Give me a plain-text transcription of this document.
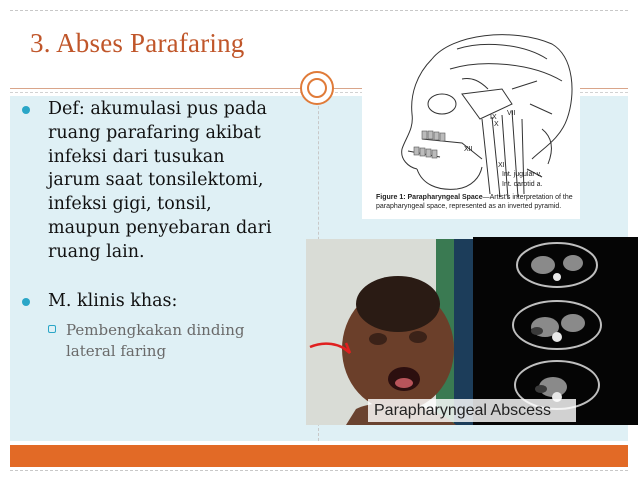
3. Abses Parafaring
Def: akumulasi pus pada
ruang parafaring akibat
infeksi dari tusukan
jarum saat tonsilektomi,
infeksi gigi, tonsil,
maupun penyebaran dari
ruang lain.
M. klinis khas:
Pembengkakan dinding
lateral faring
IX
VII
X
XII
XI
Int. jugular v.
Int. carotid a.
Figure 1: Parapharyngeal Space—Artist's interpretation of the parapharyngeal space, represented as an inverted pyramid.
Parapharyngeal Abscess
